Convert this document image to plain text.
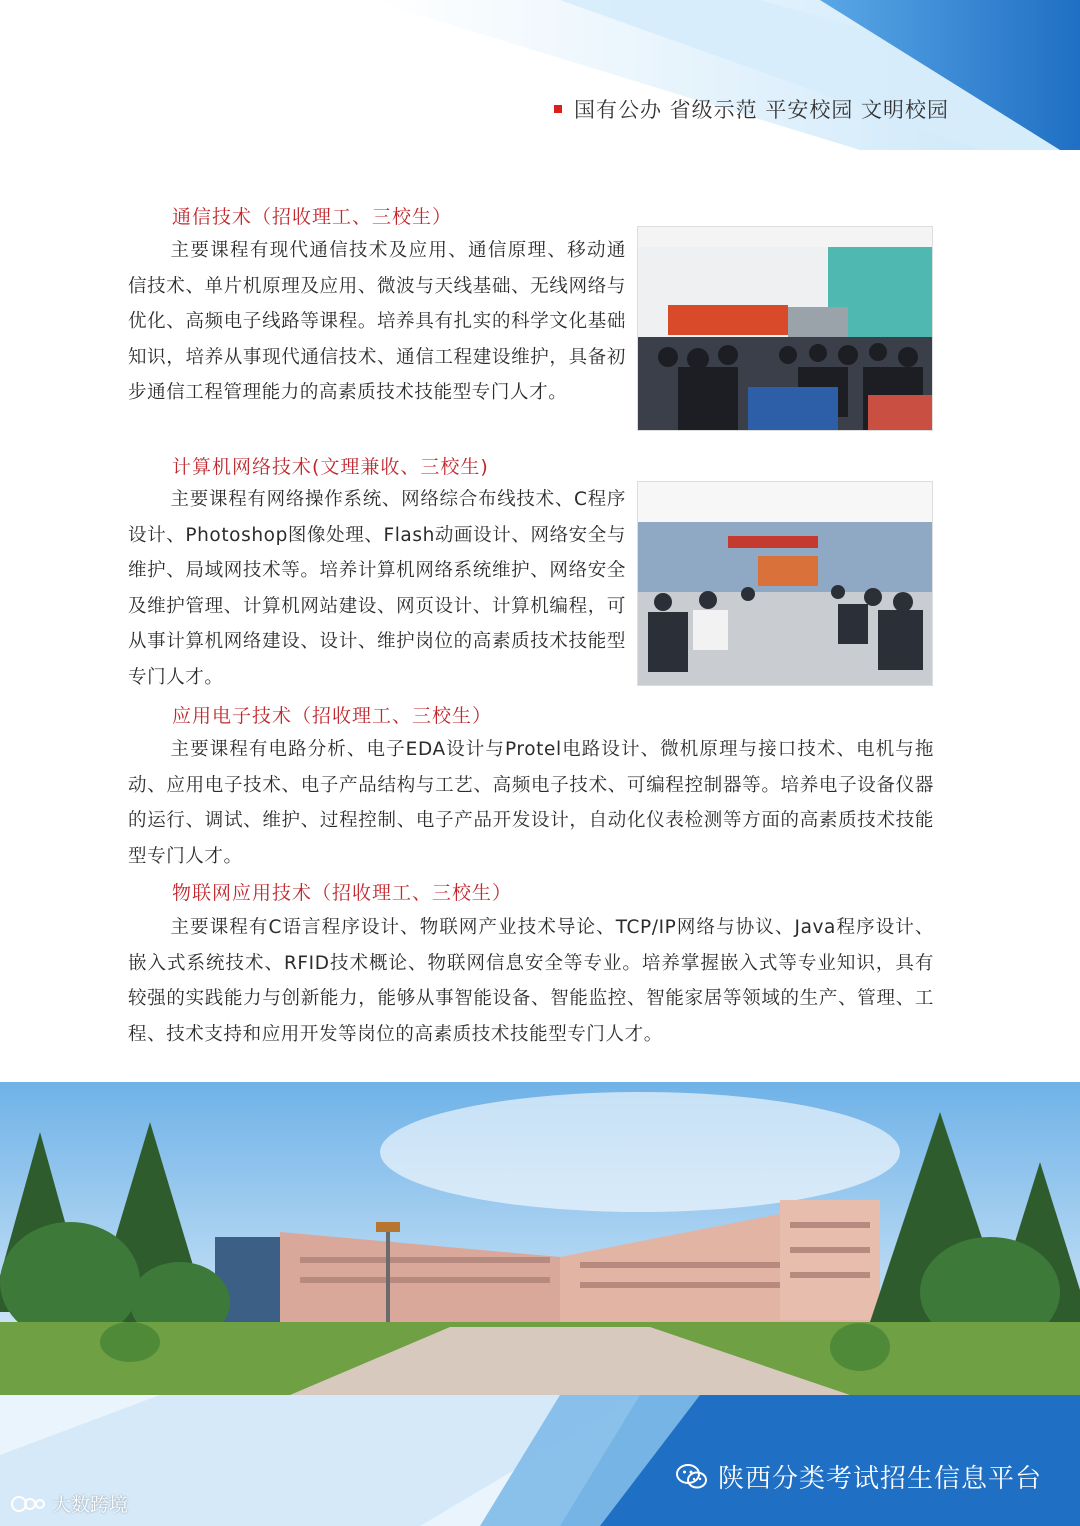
国有公办 省级示范 平安校园 文明校园
通信技术（招收理工、三校生）
主要课程有现代通信技术及应用、通信原理、移动通信技术、单片机原理及应用、微波与天线基础、无线网络与优化、高频电子线路等课程。培养具有扎实的科学文化基础知识，培养从事现代通信技术、通信工程建设维护，具备初步通信工程管理能力的高素质技术技能型专门人才。
计算机网络技术(文理兼收、三校生)
主要课程有网络操作系统、网络综合布线技术、C程序设计、Photoshop图像处理、Flash动画设计、网络安全与维护、局域网技术等。培养计算机网络系统维护、网络安全及维护管理、计算机网站建设、网页设计、计算机编程，可从事计算机网络建设、设计、维护岗位的高素质技术技能型专门人才。
应用电子技术（招收理工、三校生）
主要课程有电路分析、电子EDA设计与Protel电路设计、微机原理与接口技术、电机与拖动、应用电子技术、电子产品结构与工艺、高频电子技术、可编程控制器等。培养电子设备仪器的运行、调试、维护、过程控制、电子产品开发设计，自动化仪表检测等方面的高素质技术技能型专门人才。
物联网应用技术（招收理工、三校生）
主要课程有C语言程序设计、物联网产业技术导论、TCP/IP网络与协议、Java程序设计、嵌入式系统技术、RFID技术概论、物联网信息安全等专业。培养掌握嵌入式等专业知识，具有较强的实践能力与创新能力，能够从事智能设备、智能监控、智能家居等领域的生产、管理、工程、技术支持和应用开发等岗位的高素质技术技能型专门人才。
陕西分类考试招生信息平台
大数跨境
